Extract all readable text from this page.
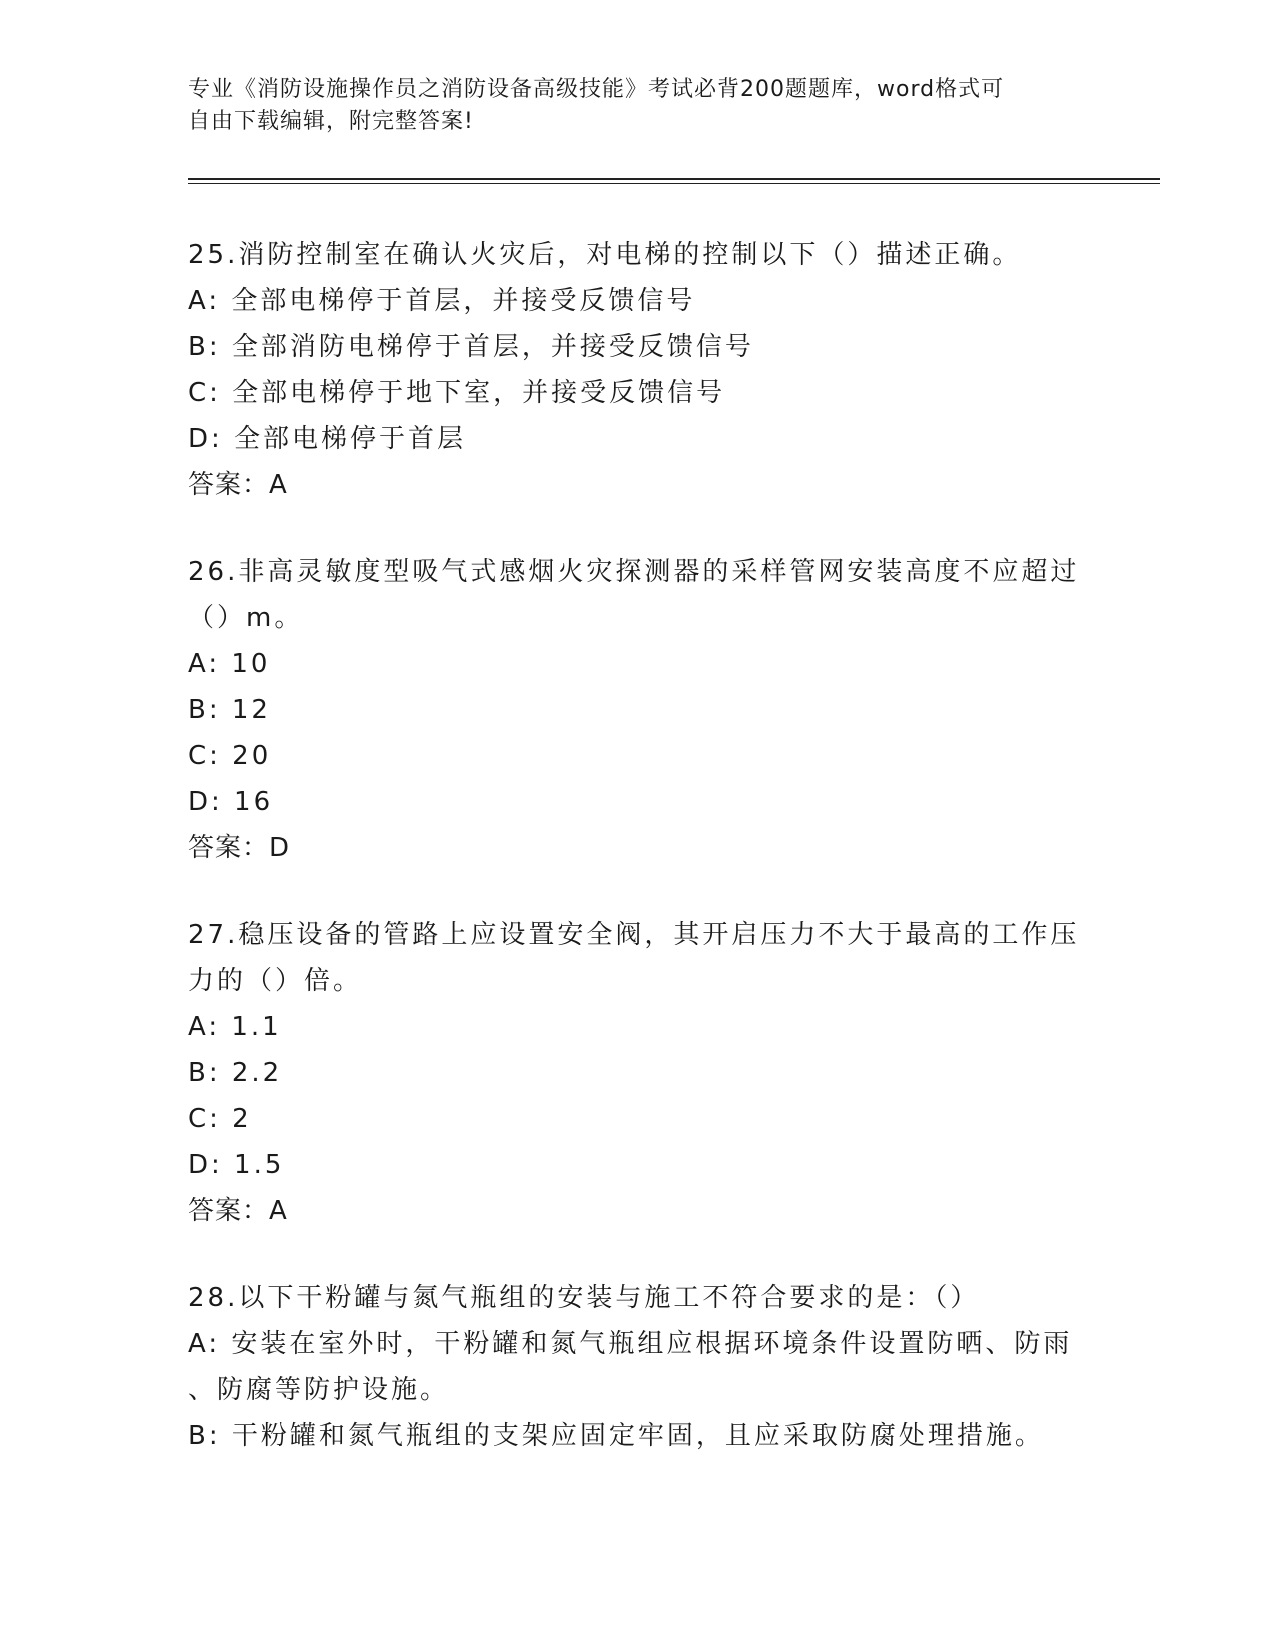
专业《消防设施操作员之消防设备高级技能》考试必背200题题库，word格式可
自由下载编辑，附完整答案!
25.消防控制室在确认火灾后，对电梯的控制以下（）描述正确。
A: 全部电梯停于首层，并接受反馈信号
B: 全部消防电梯停于首层，并接受反馈信号
C: 全部电梯停于地下室，并接受反馈信号
D: 全部电梯停于首层
答案：A
26.非高灵敏度型吸气式感烟火灾探测器的采样管网安装高度不应超过
（）m。
A: 10
B: 12
C: 20
D: 16
答案：D
27.稳压设备的管路上应设置安全阀，其开启压力不大于最高的工作压
力的（）倍。
A: 1.1
B: 2.2
C: 2
D: 1.5
答案：A
28.以下干粉罐与氮气瓶组的安装与施工不符合要求的是：（）
A: 安装在室外时，干粉罐和氮气瓶组应根据环境条件设置防晒、防雨
、防腐等防护设施。
B: 干粉罐和氮气瓶组的支架应固定牢固，且应采取防腐处理措施。
